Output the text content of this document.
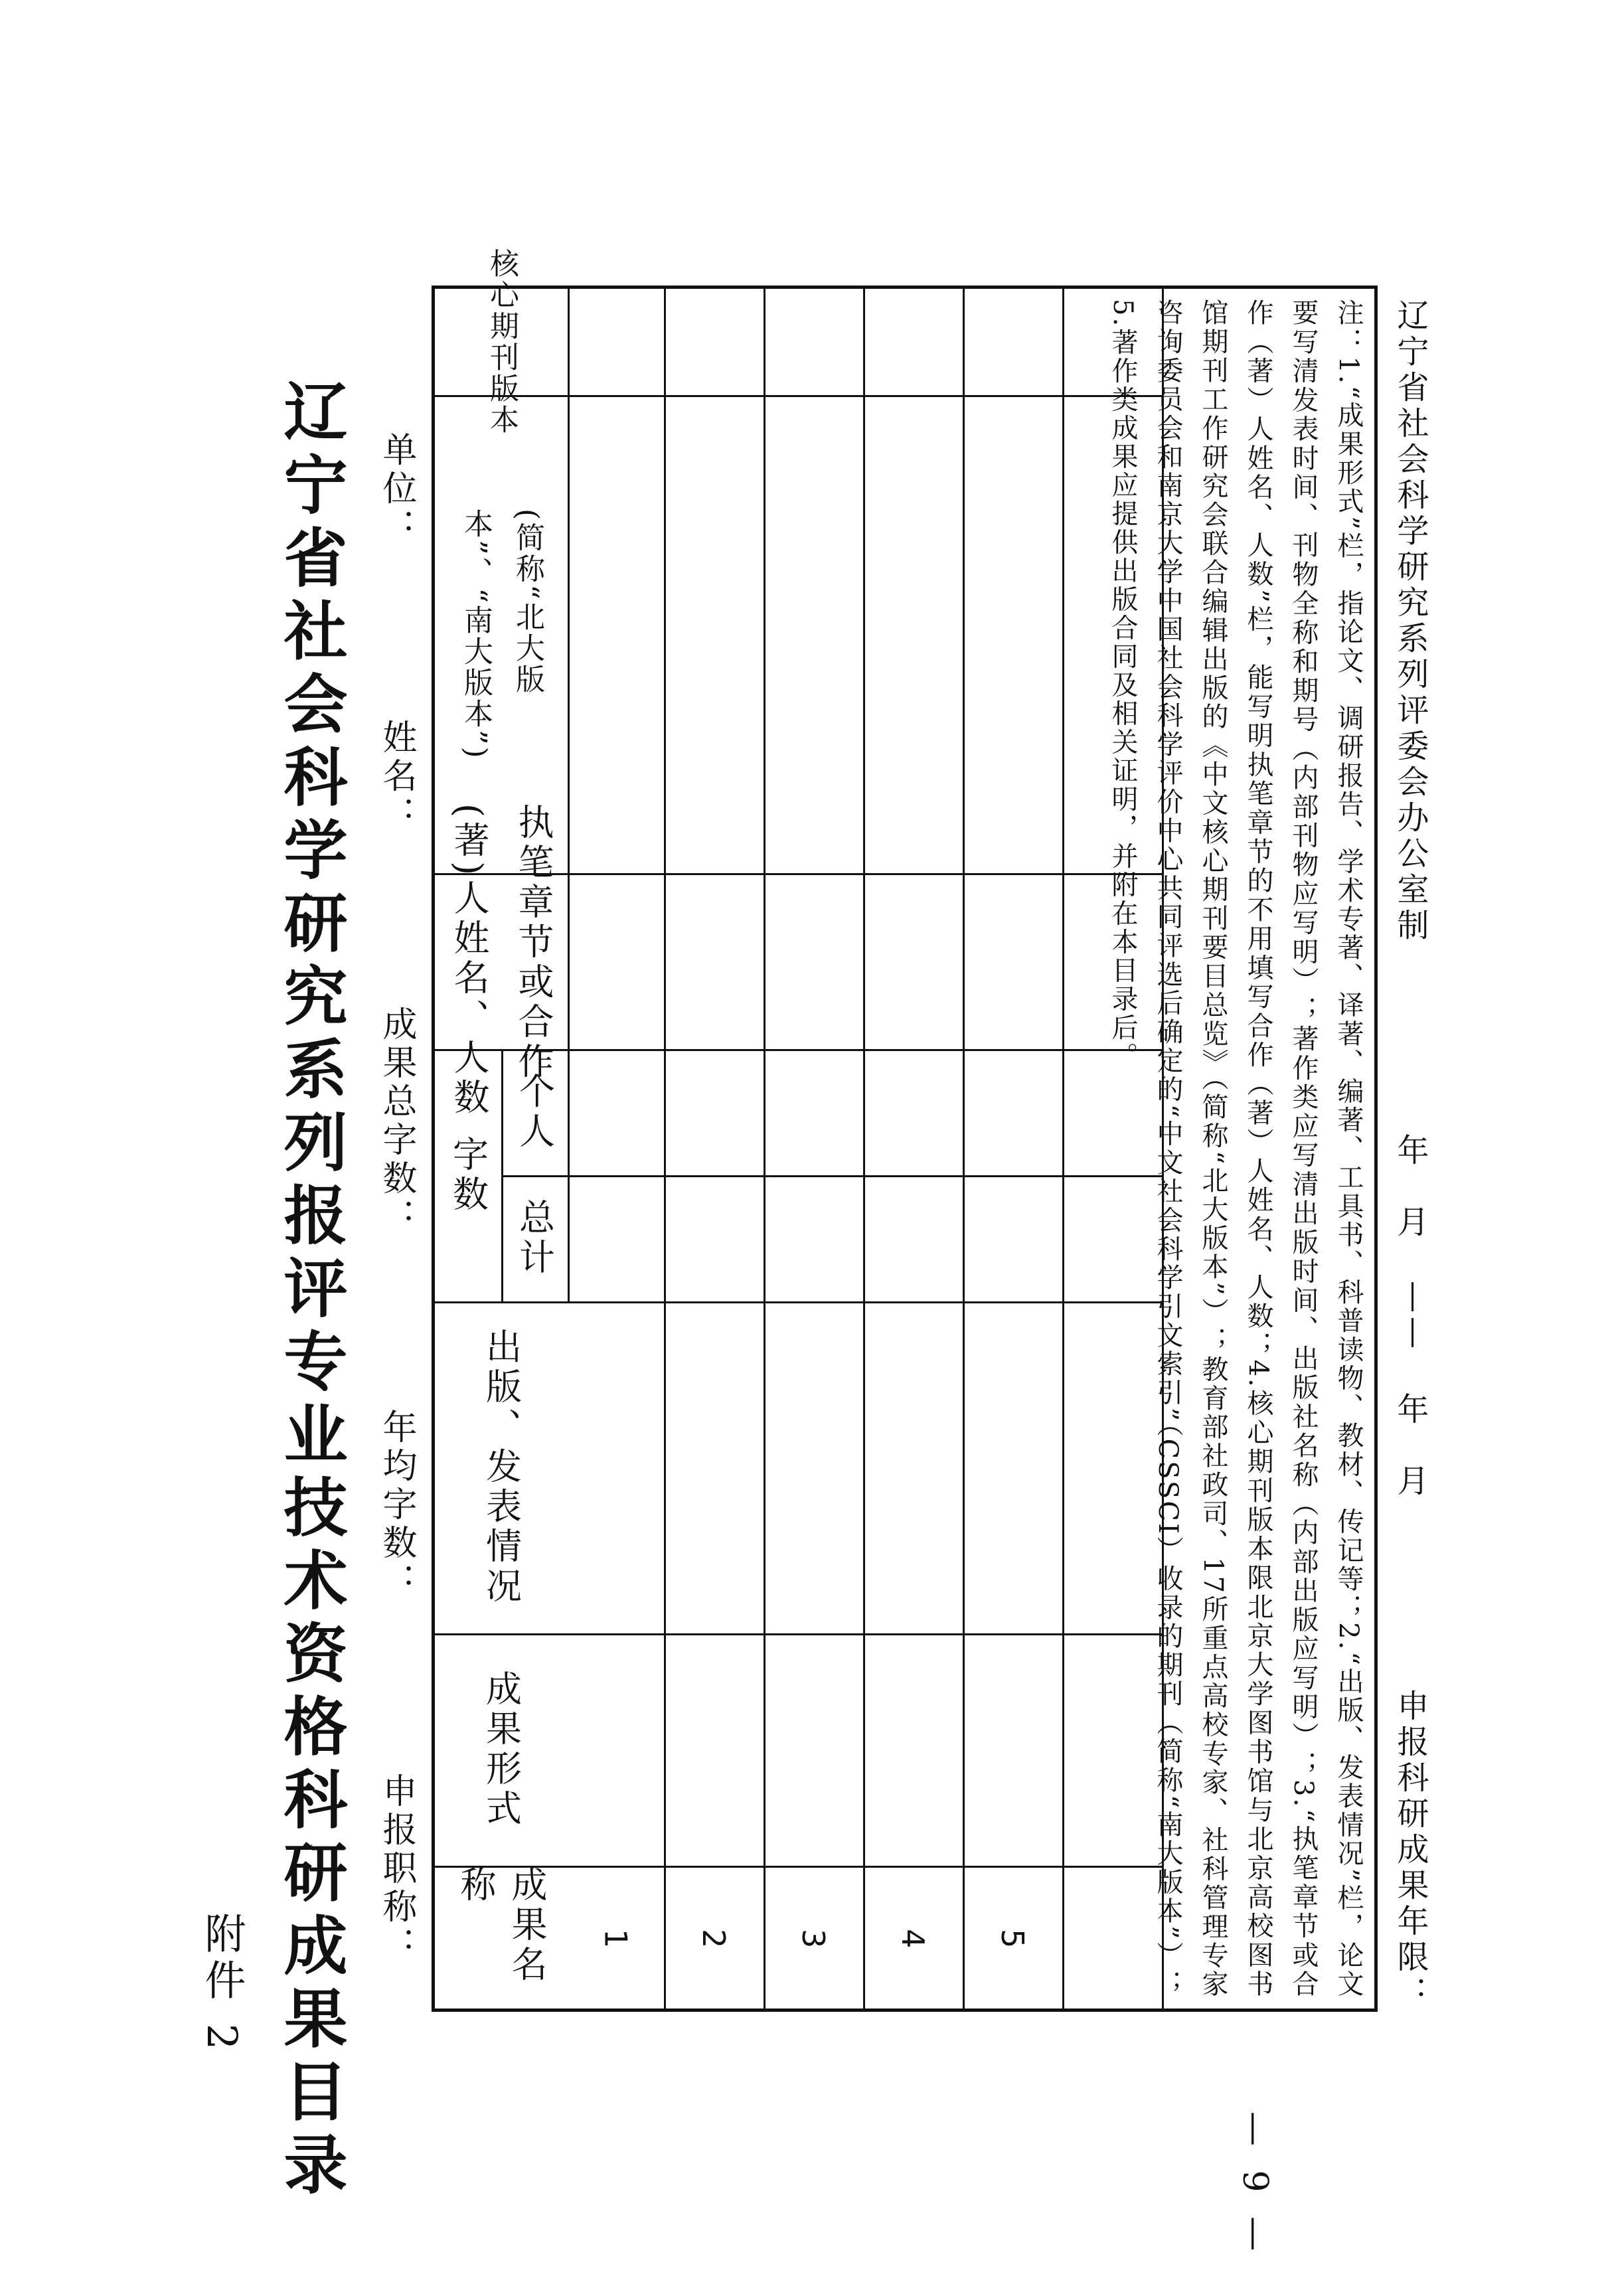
附件 2 辽宁省社会科学研究系列报评专业技术资格科研成果目录 单位：
姓名：
成果总字数：
年均字数：
申报职称：
核心期刊版本
(简称“北大版
本”、“南大版本”)
执笔章节或合作
(著)人姓名、人数 个人
总计
字数
出版、发表情况
成果形式
成果名称
1 2 3 4 5	注：1.“成果形式”栏，指论文、调研报告、学术专著、译著、编著、工具书、科普读物、教材、传记等；2.“出版、发表情况”栏，论文要写清发表时间、刊物全称和期号（内部刊物应写明）；著作类应写清出版时间、出版社名称（内部出版应写明）；3.“执笔章节或合作（著）人姓名、人数”栏，能写明执笔章节的不用填写合作（著）人姓名、人数；4.核心期刊版本限北京大学图书馆与北京高校图书馆期刊工作研究会联合编辑出版的《中文核心期刊要目总览》（简称“北大版本”）；教育部社政司、17所重点高校专家、社科管理专家咨询委员会和南京大学中国社会科学评价中心共同评选后确定的“中文社会科学引文索引”（CSSCI）收录的期刊（简称“南大版本”）；5.著作类成果应提供出版合同及相关证明，并附在本目录后。	辽宁省社会科学研究系列评委会办公室制
年　月
——
年　月
申报科研成果年限：
— 9 —
